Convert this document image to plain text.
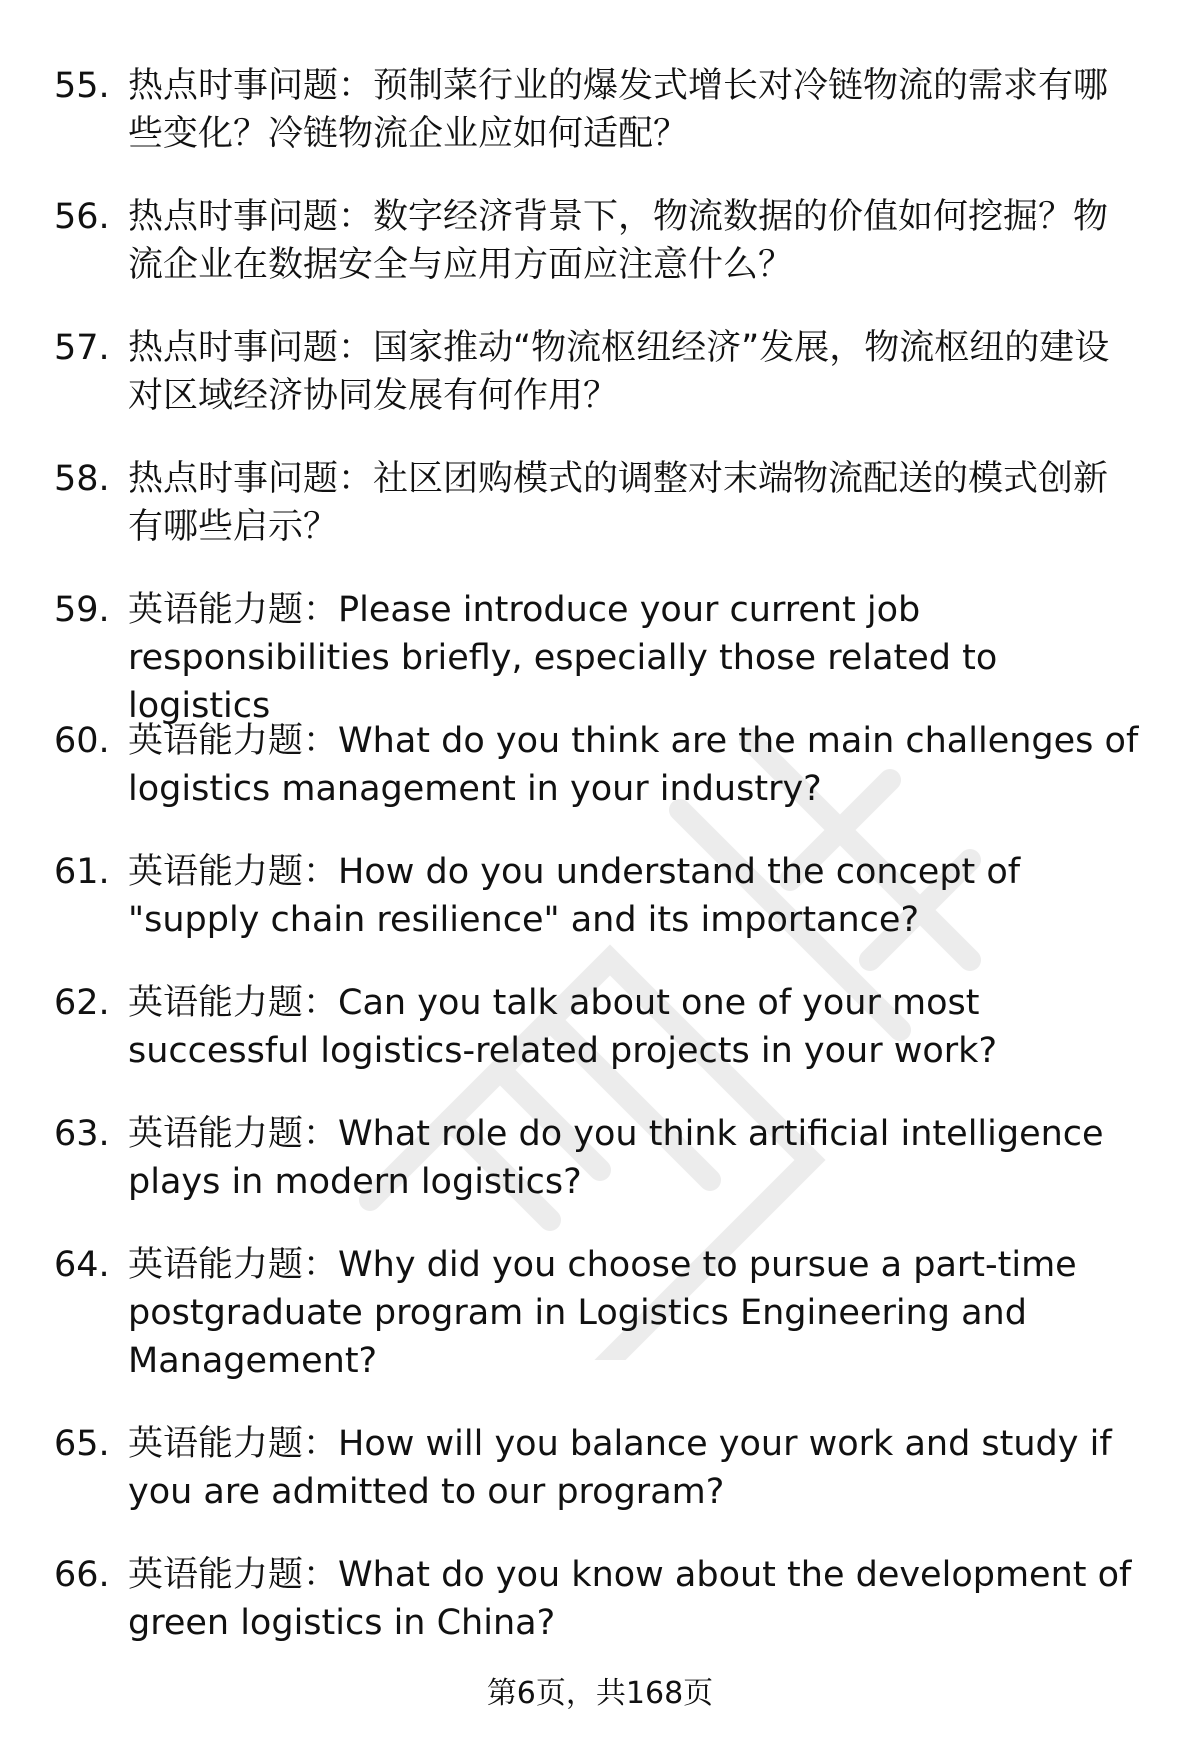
55. 热点时事问题：预制菜行业的爆发式增长对冷链物流的需求有哪些变化？冷链物流企业应如何适配？
56. 热点时事问题：数字经济背景下，物流数据的价值如何挖掘？物流企业在数据安全与应用方面应注意什么？
57. 热点时事问题：国家推动“物流枢纽经济”发展，物流枢纽的建设对区域经济协同发展有何作用？
58. 热点时事问题：社区团购模式的调整对末端物流配送的模式创新有哪些启示？
59. 英语能力题：Please introduce your current job responsibilities briefly, especially those related to logistics
60. 英语能力题：What do you think are the main challenges of logistics management in your industry?
61. 英语能力题：How do you understand the concept of "supply chain resilience" and its importance?
62. 英语能力题：Can you talk about one of your most successful logistics-related projects in your work?
63. 英语能力题：What role do you think artificial intelligence plays in modern logistics?
64. 英语能力题：Why did you choose to pursue a part-time postgraduate program in Logistics Engineering and Management?
65. 英语能力题：How will you balance your work and study if you are admitted to our program?
66. 英语能力题：What do you know about the development of green logistics in China?
第6页，共168页
